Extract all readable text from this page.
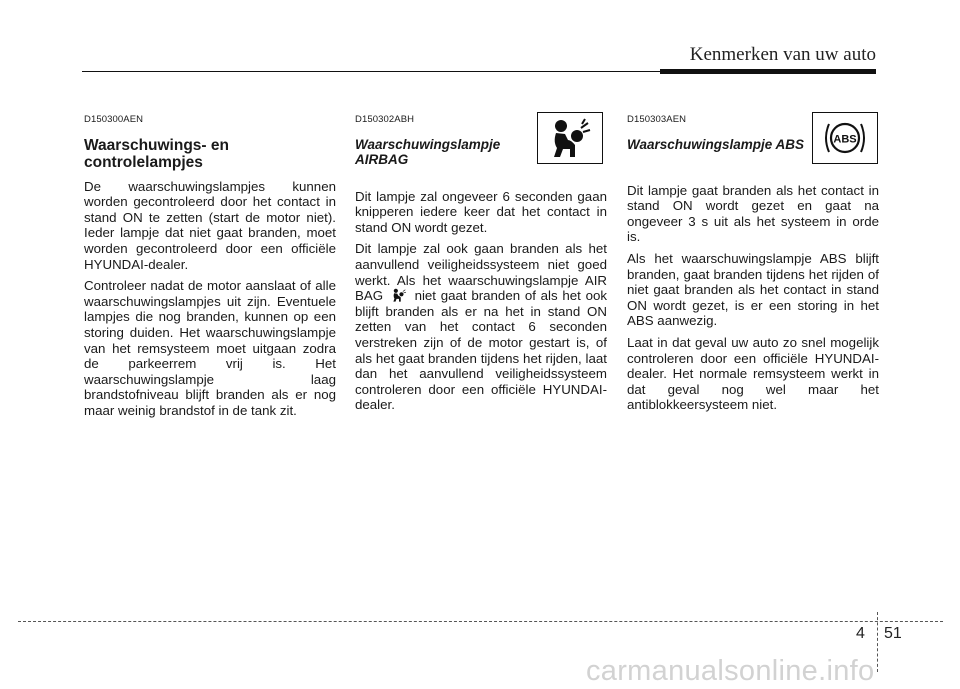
Kenmerken van uw auto
D150300AEN
Waarschuwings- en controlelampjes

De waarschuwingslampjes kunnen worden gecontroleerd door het contact in stand ON te zetten (start de motor niet). Ieder lampje dat niet gaat branden, moet worden gecontroleerd door een officiële HYUNDAI-dealer.

Controleer nadat de motor aanslaat of alle waarschuwingslampjes uit zijn. Eventuele lampjes die nog branden, kunnen op een storing duiden. Het waarschuwingslampje van het remsysteem moet uitgaan zodra de parkeerrem vrij is. Het waarschuwingslampje laag brandstofniveau blijft branden als er nog maar weinig brandstof in de tank zit.

D150302ABH
Waarschuwingslampje AIRBAG

Dit lampje zal ongeveer 6 seconden gaan knipperen iedere keer dat het contact in stand ON wordt gezet.

Dit lampje zal ook gaan branden als het aanvullend veiligheidssysteem niet goed werkt. Als het waarschuwingslampje AIR BAG niet gaat branden of als het ook blijft branden als er na het in stand ON zetten van het contact 6 seconden verstreken zijn of de motor gestart is, of als het gaat branden tijdens het rijden, laat dan het aanvullend veiligheidssysteem controleren door een officiële HYUNDAI-dealer.

ABS
D150303AEN
Waarschuwingslampje ABS

Dit lampje gaat branden als het contact in stand ON wordt gezet en gaat na ongeveer 3 s uit als het systeem in orde is.

Als het waarschuwingslampje ABS blijft branden, gaat branden tijdens het rijden of niet gaat branden als het contact in stand ON wordt gezet, is er een storing in het ABS aanwezig.

Laat in dat geval uw auto zo snel mogelijk controleren door een officiële HYUNDAI-dealer. Het normale remsysteem werkt in dat geval nog wel maar het antiblokkeersysteem niet.

4 51
carmanualsonline.info
